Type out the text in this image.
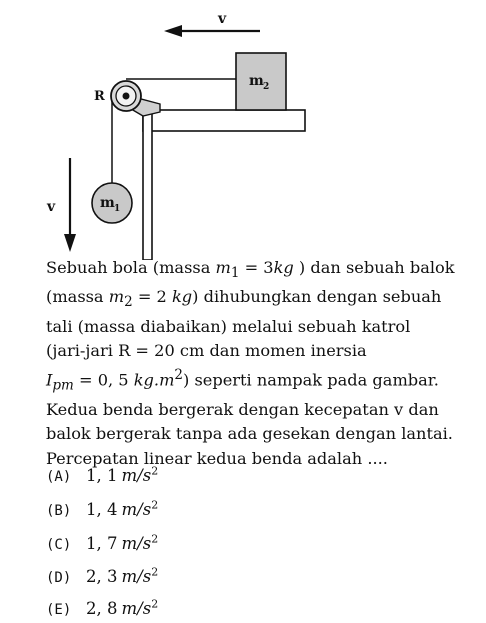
v
m 2
R
m 1
v
Sebuah bola (massa $m_1 = 3kg$ ) dan sebuah balok
(massa $m_2 = 2$ kg) dihubungkan dengan sebuah
tali (massa diabaikan) melalui sebuah katrol
(jari-jari R = 20 cm dan momen inersia
$I_{pm} = 0$, 5 $kg.m^2$) seperti nampak pada gambar.
Kedua benda bergerak dengan kecepatan v dan
balok bergerak tanpa ada gesekan dengan lantai.
Percepatan linear kedua benda adalah ....
(A) 1, 1 $m/s^2$
(B) 1, 4 $m/s^2$
(C) 1, 7 $m/s^2$
(D) 2, 3 $m/s^2$
(E) 2, 8 $m/s^2$
